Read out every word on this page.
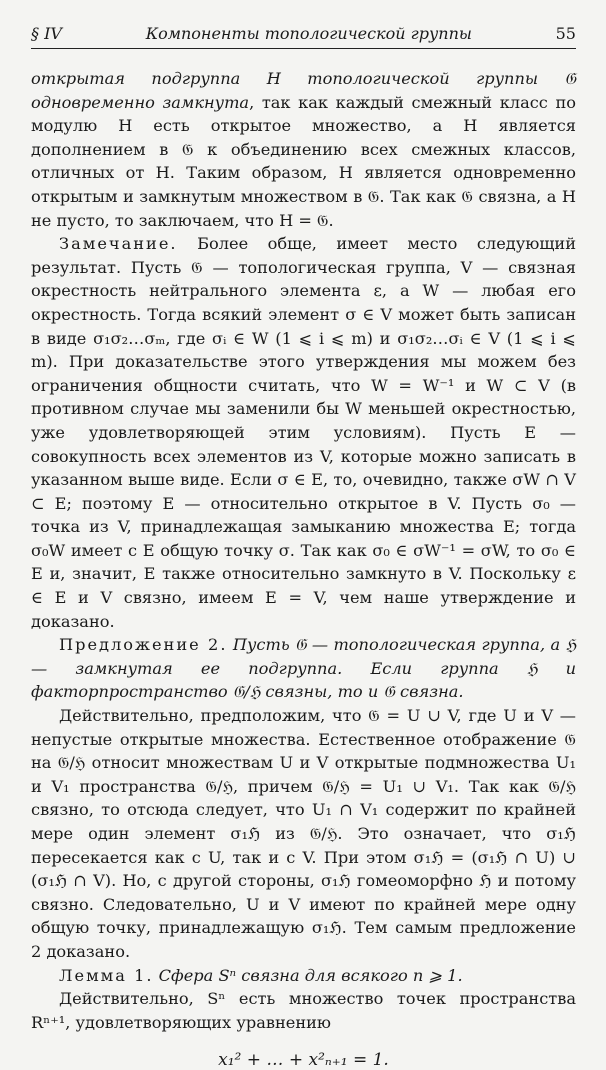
§ IV	Компоненты топологической группы	55

открытая подгруппа H топологической группы 𝔊 одновременно замкнута, так как каждый смежный класс по модулю H есть открытое множество, а H является дополнением в 𝔊 к объединению всех смежных классов, отличных от H. Таким образом, H является одновременно открытым и замкнутым множеством в 𝔊. Так как 𝔊 связна, а H не пусто, то заключаем, что H = 𝔊.

Замечание. Более обще, имеет место следующий результат. Пусть 𝔊 — топологическая группа, V — связная окрестность нейтрального элемента ε, а W — любая его окрестность. Тогда всякий элемент σ ∈ V может быть записан в виде σ₁σ₂…σₘ, где σᵢ ∈ W (1 ⩽ i ⩽ m) и σ₁σ₂…σᵢ ∈ V (1 ⩽ i ⩽ m). При доказательстве этого утверждения мы можем без ограничения общности считать, что W = W⁻¹ и W ⊂ V (в противном случае мы заменили бы W меньшей окрестностью, уже удовлетворяющей этим условиям). Пусть E — совокупность всех элементов из V, которые можно записать в указанном выше виде. Если σ ∈ E, то, очевидно, также σW ∩ V ⊂ E; поэтому E — относительно открытое в V. Пусть σ₀ — точка из V, принадлежащая замыканию множества E; тогда σ₀W имеет с E общую точку σ. Так как σ₀ ∈ σW⁻¹ = σW, то σ₀ ∈ E и, значит, E также относительно замкнуто в V. Поскольку ε ∈ E и V связно, имеем E = V, чем наше утверждение и доказано.

Предложение 2. Пусть 𝔊 — топологическая группа, а ℌ — замкнутая ее подгруппа. Если группа ℌ и факторпространство 𝔊/ℌ связны, то и 𝔊 связна.

Действительно, предположим, что 𝔊 = U ∪ V, где U и V — непустые открытые множества. Естественное отображение 𝔊 на 𝔊/ℌ относит множествам U и V открытые подмножества U₁ и V₁ пространства 𝔊/ℌ, причем 𝔊/ℌ = U₁ ∪ V₁. Так как 𝔊/ℌ связно, то отсюда следует, что U₁ ∩ V₁ содержит по крайней мере один элемент σ₁ℌ из 𝔊/ℌ. Это означает, что σ₁ℌ пересекается как с U, так и с V. При этом σ₁ℌ = (σ₁ℌ ∩ U) ∪ (σ₁ℌ ∩ V). Но, с другой стороны, σ₁ℌ гомеоморфно ℌ и потому связно. Следовательно, U и V имеют по крайней мере одну общую точку, принадлежащую σ₁ℌ. Тем самым предложение 2 доказано.

Лемма 1. Сфера Sⁿ связна для всякого n ⩾ 1.

Действительно, Sⁿ есть множество точек пространства Rⁿ⁺¹, удовлетворяющих уравнению

x₁² + … + x²ₙ₊₁ = 1.
